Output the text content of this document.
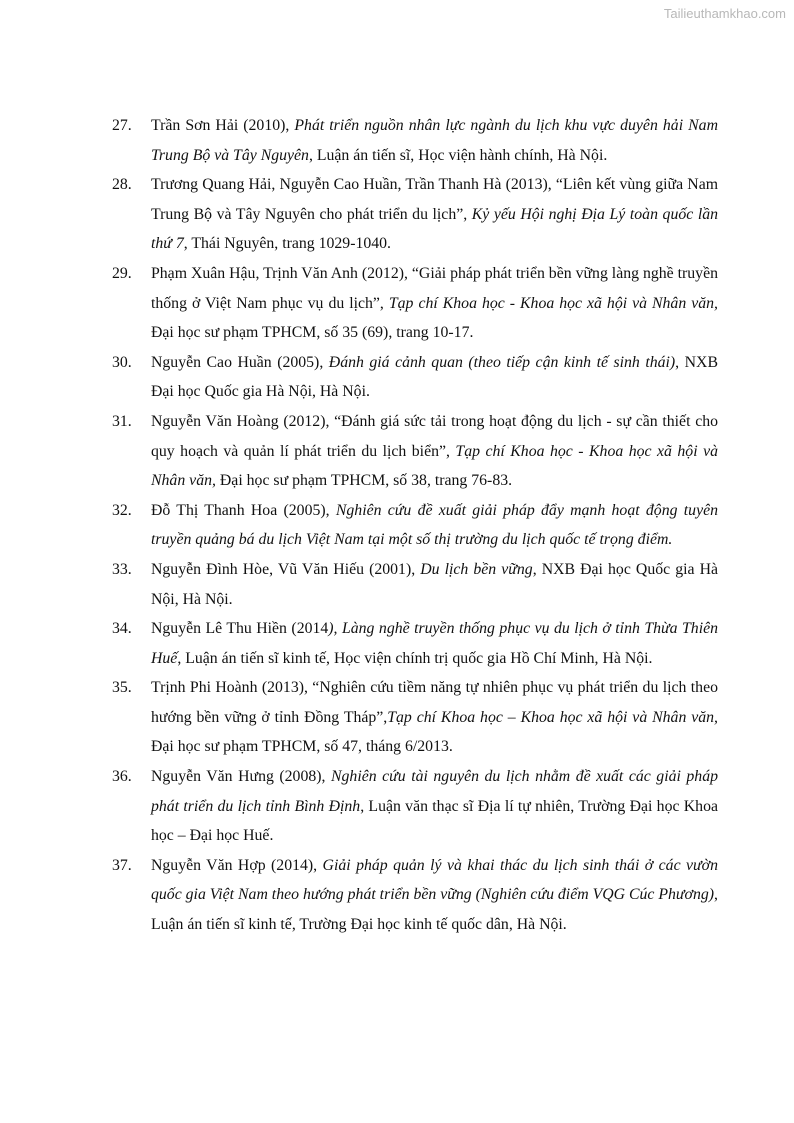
Tailieuthamkhao.com
27. Trần Sơn Hải (2010), Phát triển nguồn nhân lực ngành du lịch khu vực duyên hải Nam Trung Bộ và Tây Nguyên, Luận án tiến sĩ, Học viện hành chính, Hà Nội.
28. Trương Quang Hải, Nguyễn Cao Huần, Trần Thanh Hà (2013), “Liên kết vùng giữa Nam Trung Bộ và Tây Nguyên cho phát triển du lịch”, Kỷ yếu Hội nghị Địa Lý toàn quốc lần thứ 7, Thái Nguyên, trang 1029-1040.
29. Phạm Xuân Hậu, Trịnh Văn Anh (2012), “Giải pháp phát triển bền vững làng nghề truyền thống ở Việt Nam phục vụ du lịch”, Tạp chí Khoa học - Khoa học xã hội và Nhân văn, Đại học sư phạm TPHCM, số 35 (69), trang 10-17.
30. Nguyễn Cao Huần (2005), Đánh giá cảnh quan (theo tiếp cận kinh tế sinh thái), NXB Đại học Quốc gia Hà Nội, Hà Nội.
31. Nguyễn Văn Hoàng (2012), “Đánh giá sức tải trong hoạt động du lịch - sự cần thiết cho quy hoạch và quản lí phát triển du lịch biển”, Tạp chí Khoa học - Khoa học xã hội và Nhân văn, Đại học sư phạm TPHCM, số 38, trang 76-83.
32. Đỗ Thị Thanh Hoa (2005), Nghiên cứu đề xuất giải pháp đẩy mạnh hoạt động tuyên truyền quảng bá du lịch Việt Nam tại một số thị trường du lịch quốc tế trọng điểm.
33. Nguyễn Đình Hòe, Vũ Văn Hiếu (2001), Du lịch bền vững, NXB Đại học Quốc gia Hà Nội, Hà Nội.
34. Nguyễn Lê Thu Hiền (2014), Làng nghề truyền thống phục vụ du lịch ở tỉnh Thừa Thiên Huế, Luận án tiến sĩ kinh tế, Học viện chính trị quốc gia Hồ Chí Minh, Hà Nội.
35. Trịnh Phi Hoành (2013), “Nghiên cứu tiềm năng tự nhiên phục vụ phát triển du lịch theo hướng bền vững ở tỉnh Đồng Tháp”,Tạp chí Khoa học – Khoa học xã hội và Nhân văn, Đại học sư phạm TPHCM, số 47, tháng 6/2013.
36. Nguyễn Văn Hưng (2008), Nghiên cứu tài nguyên du lịch nhằm đề xuất các giải pháp phát triển du lịch tỉnh Bình Định, Luận văn thạc sĩ Địa lí tự nhiên, Trường Đại học Khoa học – Đại học Huế.
37. Nguyễn Văn Hợp (2014), Giải pháp quản lý và khai thác du lịch sinh thái ở các vườn quốc gia Việt Nam theo hướng phát triển bền vững (Nghiên cứu điểm VQG Cúc Phương), Luận án tiến sĩ kinh tế, Trường Đại học kinh tế quốc dân, Hà Nội.
